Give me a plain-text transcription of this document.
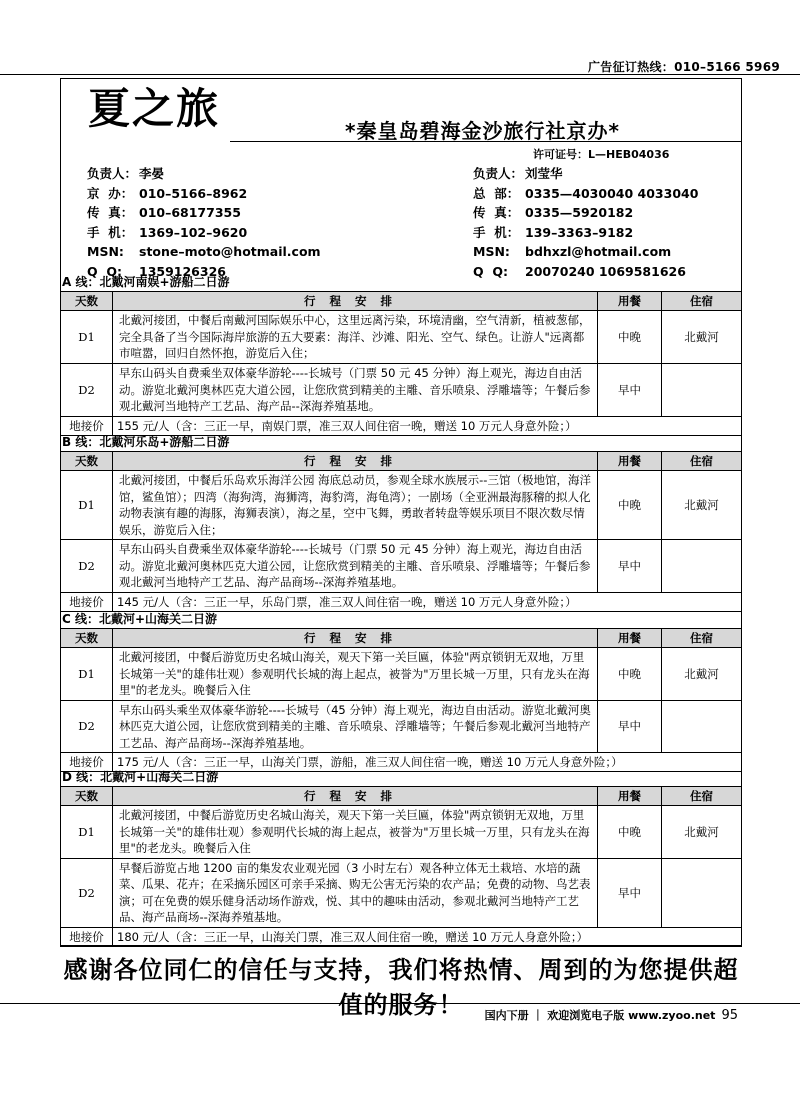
广告征订热线：010–5166 5969
夏之旅	*秦皇岛碧海金沙旅行社京办*
许可证号：L—HEB04036
负责人： 李晏
京  办： 010–5166–8962
传  真： 010–68177355
手  机： 1369–102–9620
MSN: stone–moto@hotmail.com
Q  Q: 1359126326
负责人： 刘莹华
总  部： 0335—4030040 4033040
传  真： 0335—5920182
手  机： 139–3363–9182
MSN: bdhxzl@hotmail.com
Q  Q: 20070240 1069581626
A 线：北戴河南娱+游船二日游
天数	行程安排	用餐	住宿
D1	北戴河接团，中餐后南戴河国际娱乐中心，这里远离污染，环境清幽，空气清新，植被葱郁，完全具备了当今国际海岸旅游的五大要素：海洋、沙滩、阳光、空气、绿色。让游人"远离都市喧嚣，回归自然怀抱，游览后入住；	中晚	北戴河
D2	早东山码头自费乘坐双体豪华游轮----长城号（门票 50 元 45 分钟）海上观光，海边自由活动。游览北戴河奥林匹克大道公园，让您欣赏到精美的主雕、音乐喷泉、浮雕墙等；午餐后参观北戴河当地特产工艺品、海产品--深海养殖基地。	早中	
地接价	155 元/人（含：三正一早，南娱门票，准三双人间住宿一晚，赠送 10 万元人身意外险；）		
B 线：北戴河乐岛+游船二日游
天数	行程安排	用餐	住宿
D1	北戴河接团，中餐后乐岛欢乐海洋公园 海底总动员，参观全球水族展示--三馆（极地馆，海洋馆，鲨鱼馆）；四湾（海狗湾，海狮湾，海豹湾，海龟湾）；一剧场（全亚洲最海豚稽的拟人化动物表演有趣的海豚，海狮表演），海之星，空中飞舞，勇敢者转盘等娱乐项目不限次数尽情娱乐，游览后入住；	中晚	北戴河
D2	早东山码头自费乘坐双体豪华游轮----长城号（门票 50 元 45 分钟）海上观光，海边自由活动。游览北戴河奥林匹克大道公园，让您欣赏到精美的主雕、音乐喷泉、浮雕墙等；午餐后参观北戴河当地特产工艺品、海产品商场--深海养殖基地。	早中	
地接价	145 元/人（含：三正一早，乐岛门票，准三双人间住宿一晚，赠送 10 万元人身意外险；）		
C 线：北戴河+山海关二日游
天数	行程安排	用餐	住宿
D1	北戴河接团，中餐后游览历史名城山海关，观天下第一关巨匾，体验"两京锁钥无双地，万里长城第一关"的雄伟壮观）参观明代长城的海上起点，被誉为"万里长城一万里，只有龙头在海里"的老龙头。晚餐后入住	中晚	北戴河
D2	早东山码头乘坐双体豪华游轮----长城号（45 分钟）海上观光，海边自由活动。游览北戴河奥林匹克大道公园，让您欣赏到精美的主雕、音乐喷泉、浮雕墙等；午餐后参观北戴河当地特产工艺品、海产品商场--深海养殖基地。	早中	
地接价	175 元/人（含：三正一早，山海关门票，游船，准三双人间住宿一晚，赠送 10 万元人身意外险；）		
D 线：北戴河+山海关二日游
天数	行程安排	用餐	住宿
D1	北戴河接团，中餐后游览历史名城山海关，观天下第一关巨匾，体验"两京锁钥无双地，万里长城第一关"的雄伟壮观）参观明代长城的海上起点，被誉为"万里长城一万里，只有龙头在海里"的老龙头。晚餐后入住	中晚	北戴河
D2	早餐后游览占地 1200 亩的集发农业观光园（3 小时左右）观各种立体无土栽培、水培的蔬菜、瓜果、花卉；在采摘乐园区可亲手采摘、购无公害无污染的农产品；免费的动物、鸟艺表演；可在免费的娱乐健身活动场作游戏，悦、其中的趣味由活动，参观北戴河当地特产工艺品、海产品商场--深海养殖基地。	早中	
地接价	180 元/人（含：三正一早，山海关门票，准三双人间住宿一晚，赠送 10 万元人身意外险；）		
感谢各位同仁的信任与支持，我们将热情、周到的为您提供超值的服务！	国内下册 ｜ 欢迎浏览电子版 www.zyoo.net 95
